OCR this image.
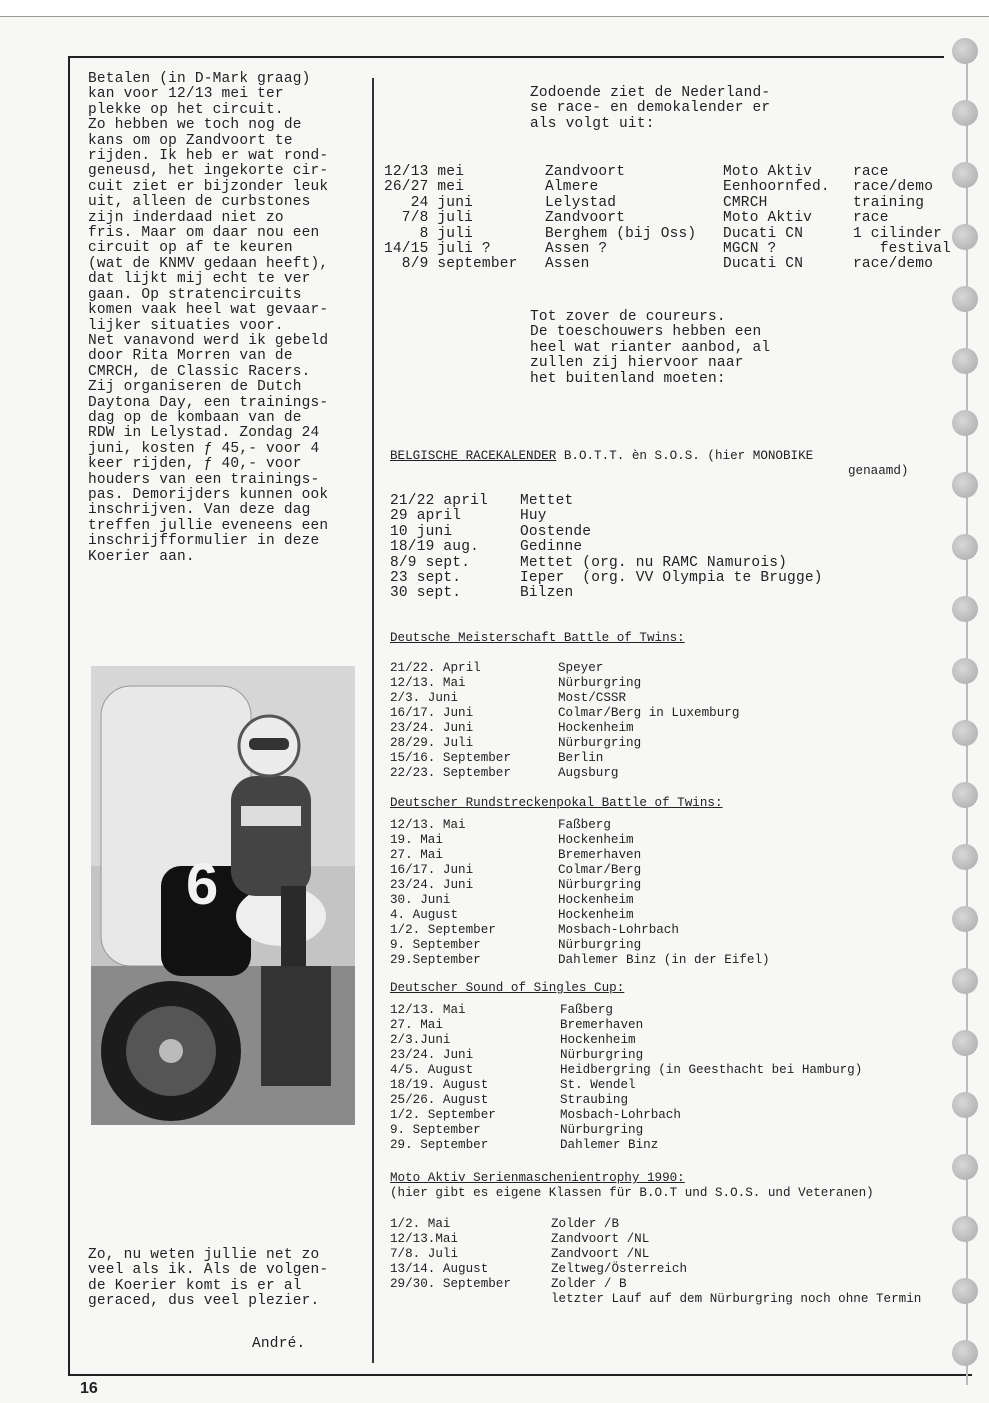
Betalen (in D-Mark graag)
kan voor 12/13 mei ter
plekke op het circuit.
Zo hebben we toch nog de
kans om op Zandvoort te
rijden. Ik heb er wat rond-
geneusd, het ingekorte cir-
cuit ziet er bijzonder leuk
uit, alleen de curbstones
zijn inderdaad niet zo
fris. Maar om daar nou een
circuit op af te keuren
(wat de KNMV gedaan heeft),
dat lijkt mij echt te ver
gaan. Op stratencircuits
komen vaak heel wat gevaar-
lijker situaties voor.
Net vanavond werd ik gebeld
door Rita Morren van de
CMRCH, de Classic Racers.
Zij organiseren de Dutch
Daytona Day, een trainings-
dag op de kombaan van de
RDW in Lelystad. Zondag 24
juni, kosten ƒ 45,- voor 4
keer rijden, ƒ 40,- voor
houders van een trainings-
pas. Demorijders kunnen ook
inschrijven. Van deze dag
treffen jullie eveneens een
inschrijfformulier in deze
Koerier aan.
6
Zo, nu weten jullie net zo
veel als ik. Als de volgen-
de Koerier komt is er al
geraced, dus veel plezier.
André.
Zodoende ziet de Nederland-
se race- en demokalender er
als volgt uit:
12/13 mei	Zandvoort	Moto Aktiv	race
26/27 mei	Almere	Eenhoornfed.	race/demo
24 juni	Lelystad	CMRCH	training
7/8 juli	Zandvoort	Moto Aktiv	race
8 juli	Berghem (bij Oss)	Ducati CN	1 cilinder
14/15 juli ?	Assen ?	MGCN ?	festival
8/9 september	Assen	Ducati CN	race/demo
Tot zover de coureurs.
De toeschouwers hebben een
heel wat rianter aanbod, al
zullen zij hiervoor naar
het buitenland moeten:
BELGISCHE RACEKALENDER B.O.T.T. èn S.O.S. (hier MONOBIKE
genaamd)
21/22 april	Mettet
29 april	Huy
10 juni	Oostende
18/19 aug.	Gedinne
8/9 sept.	Mettet (org. nu RAMC Namurois)
23 sept.	Ieper  (org. VV Olympia te Brugge)
30 sept.	Bilzen
Deutsche Meisterschaft Battle of Twins:
21/22. April	Speyer
12/13. Mai	Nürburgring
2/3. Juni	Most/CSSR
16/17. Juni	Colmar/Berg in Luxemburg
23/24. Juni	Hockenheim
28/29. Juli	Nürburgring
15/16. September	Berlin
22/23. September	Augsburg
Deutscher Rundstreckenpokal Battle of Twins:
12/13. Mai	Faßberg
19. Mai	Hockenheim
27. Mai	Bremerhaven
16/17. Juni	Colmar/Berg
23/24. Juni	Nürburgring
30. Juni	Hockenheim
4. August	Hockenheim
1/2. September	Mosbach-Lohrbach
9. September	Nürburgring
29.September	Dahlemer Binz (in der Eifel)
Deutscher Sound of Singles Cup:
12/13. Mai	Faßberg
27. Mai	Bremerhaven
2/3.Juni	Hockenheim
23/24. Juni	Nürburgring
4/5. August	Heidbergring (in Geesthacht bei Hamburg)
18/19. August	St. Wendel
25/26. August	Straubing
1/2. September	Mosbach-Lohrbach
9. September	Nürburgring
29. September	Dahlemer Binz
Moto Aktiv Serienmaschenientrophy 1990:
(hier gibt es eigene Klassen für B.O.T und S.O.S. und Veteranen)
1/2. Mai	Zolder /B
12/13.Mai	Zandvoort /NL
7/8. Juli	Zandvoort /NL
13/14. August	Zeltweg/Österreich
29/30. September	Zolder / B
	letzter Lauf auf dem Nürburgring noch ohne Termin
16
